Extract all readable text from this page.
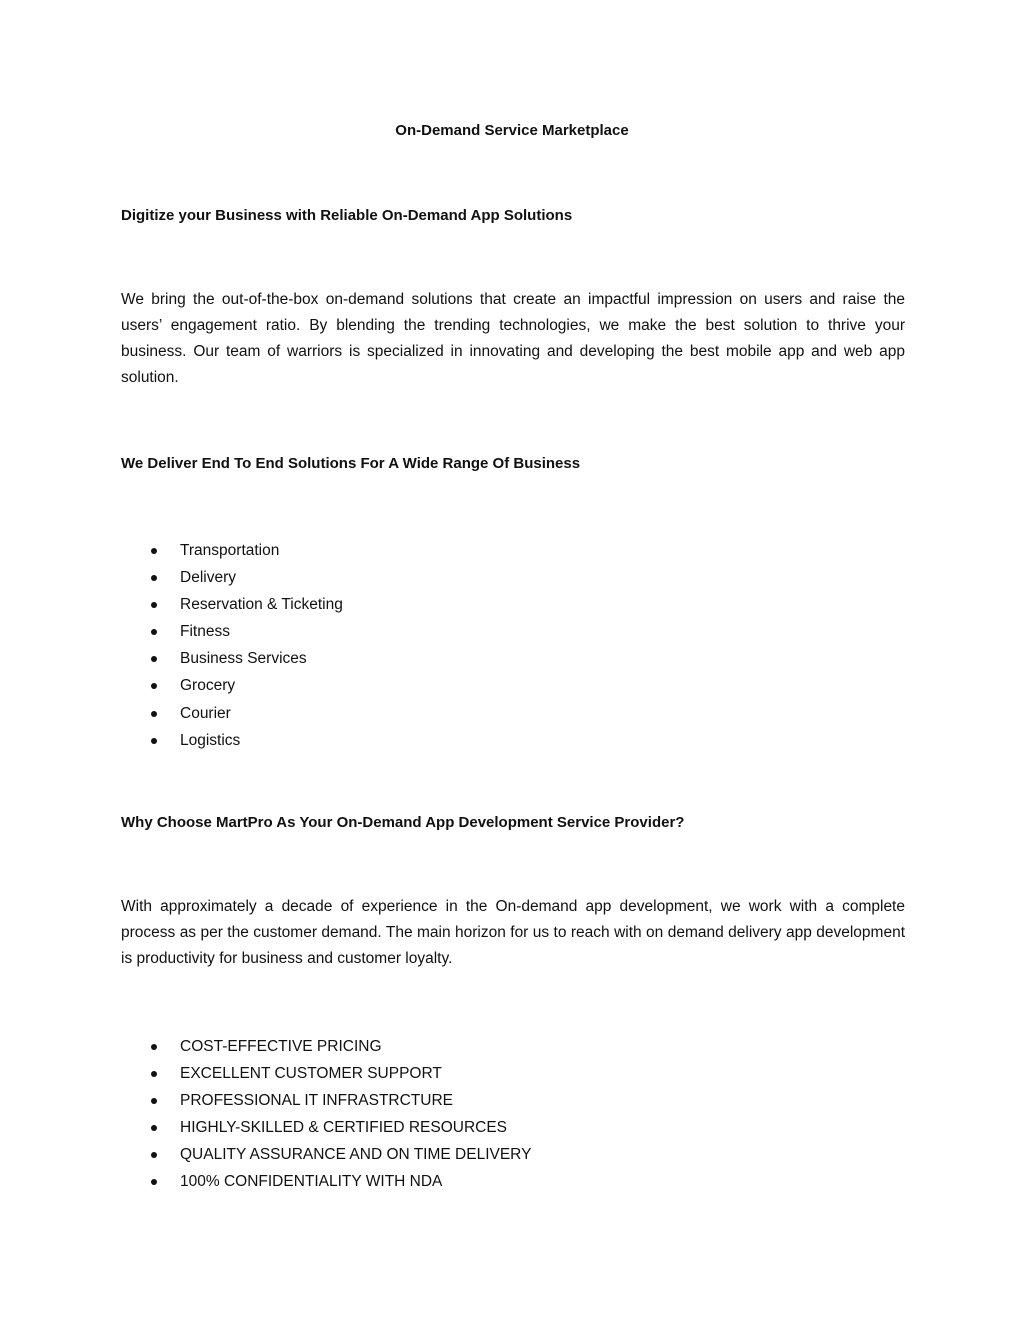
On-Demand Service Marketplace
Digitize your Business with Reliable On-Demand App Solutions

We bring the out-of-the-box on-demand solutions that create an impactful impression on users and raise the users’ engagement ratio. By blending the trending technologies, we make the best solution to thrive your business. Our team of warriors is specialized in innovating and developing the best mobile app and web app solution.

We Deliver End To End Solutions For A Wide Range Of Business
Transportation
Delivery
Reservation & Ticketing
Fitness
Business Services
Grocery
Courier
Logistics
Why Choose MartPro As Your On-Demand App Development Service Provider?

With approximately a decade of experience in the On-demand app development, we work with a complete process as per the customer demand. The main horizon for us to reach with on demand delivery app development is productivity for business and customer loyalty.

COST-EFFECTIVE PRICING
EXCELLENT CUSTOMER SUPPORT
PROFESSIONAL IT INFRASTRCTURE
HIGHLY-SKILLED & CERTIFIED RESOURCES
QUALITY ASSURANCE AND ON TIME DELIVERY
100% CONFIDENTIALITY WITH NDA
